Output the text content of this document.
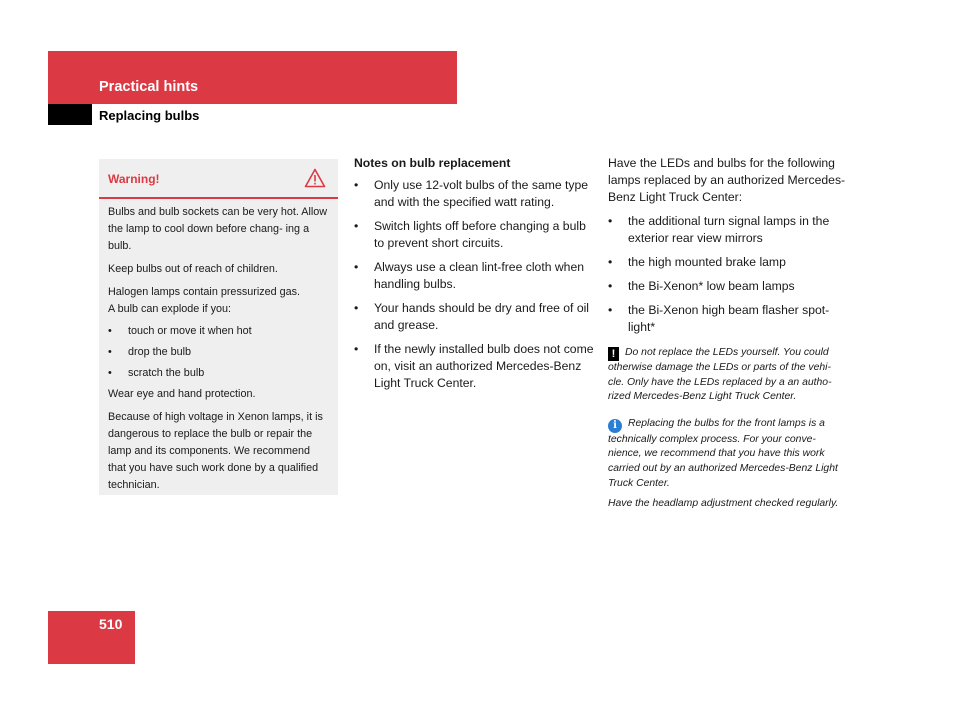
Practical hints
Replacing bulbs
Warning!

Bulbs and bulb sockets can be very hot. Allow the lamp to cool down before chang- ing a bulb.

Keep bulbs out of reach of children.

Halogen lamps contain pressurized gas.

A bulb can explode if you:

• touch or move it when hot
• drop the bulb
• scratch the bulb

Wear eye and hand protection.

Because of high voltage in Xenon lamps, it is dangerous to replace the bulb or repair the lamp and its components. We recommend that you have such work done by a qualified technician.

Notes on bulb replacement
• Only use 12-volt bulbs of the same type and with the specified watt rating.
• Switch lights off before changing a bulb to prevent short circuits.
• Always use a clean lint-free cloth when handling bulbs.
• Your hands should be dry and free of oil and grease.
• If the newly installed bulb does not come on, visit an authorized Mercedes-Benz Light Truck Center.

Have the LEDs and bulbs for the following lamps replaced by an authorized Mercedes-Benz Light Truck Center:

• the additional turn signal lamps in the exterior rear view mirrors
• the high mounted brake lamp
• the Bi-Xenon* low beam lamps
• the Bi-Xenon high beam flasher spot- light*

! Do not replace the LEDs yourself. You could otherwise damage the LEDs or parts of the vehi- cle. Only have the LEDs replaced by a an autho- rized Mercedes-Benz Light Truck Center.

i Replacing the bulbs for the front lamps is a technically complex process. For your conve- nience, we recommend that you have this work carried out by an authorized Mercedes-Benz Light Truck Center.

Have the headlamp adjustment checked regularly.

510
